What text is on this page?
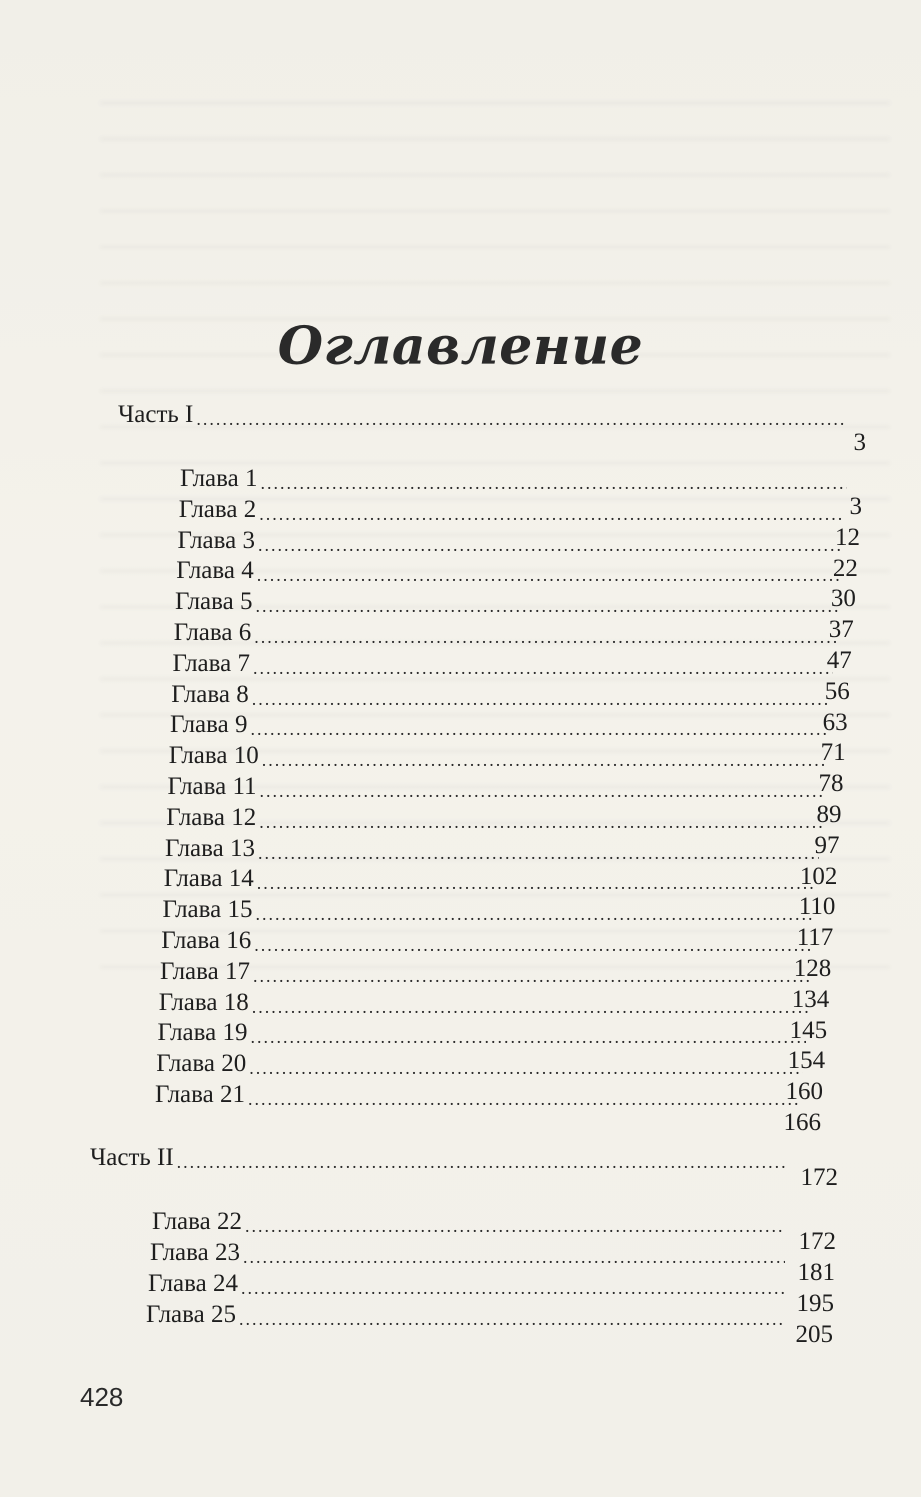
Оглавление
Часть I
.....
3
Глава 1
.....
3
Глава 2
.....
12
Глава 3
.....
22
Глава 4
.....
30
Глава 5
.....
37
Глава 6
.....
47
Глава 7
.....
56
Глава 8
.....
63
Глава 9
.....
71
Глава 10
.....
78
Глава 11
.....
89
Глава 12
.....
97
Глава 13
.....
102
Глава 14
.....
110
Глава 15
.....
117
Глава 16
.....
128
Глава 17
.....
134
Глава 18
.....
145
Глава 19
.....
154
Глава 20
.....
160
Глава 21
.....
166
Часть II
.....
172
Глава 22
.....
172
Глава 23
.....
181
Глава 24
.....
195
Глава 25
.....
205
428
